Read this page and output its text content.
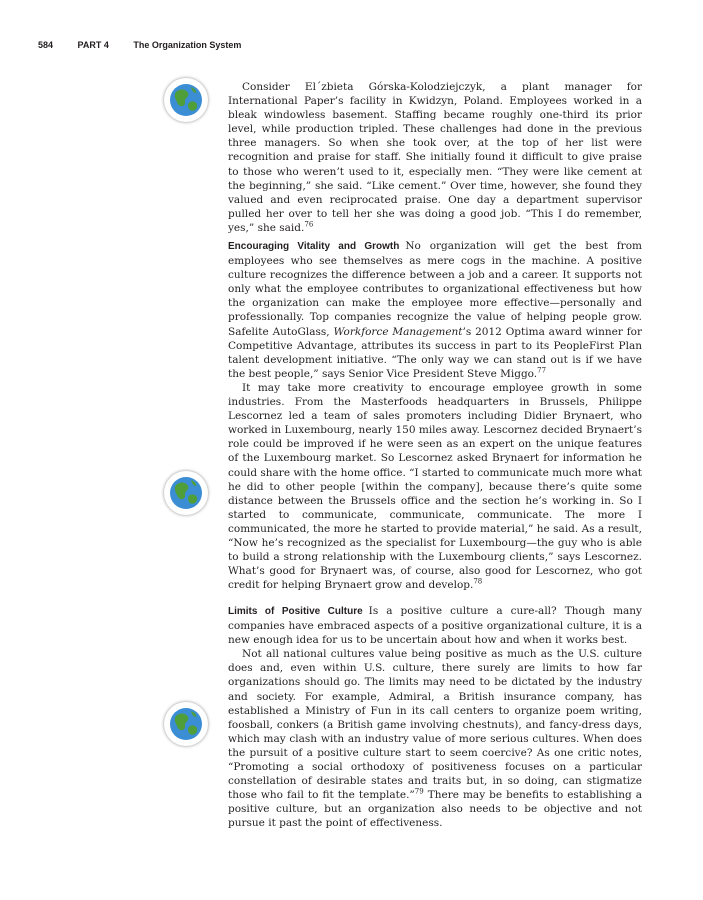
584	PART 4	The Organization System

Consider El´zbieta Górska-Kolodziejczyk, a plant manager for International Paper’s facility in Kwidzyn, Poland. Employees worked in a bleak windowless basement. Staffing became roughly one-third its prior level, while production tripled. These challenges had done in the previous three managers. So when she took over, at the top of her list were recognition and praise for staff. She initially found it difficult to give praise to those who weren’t used to it, especially men. “They were like cement at the beginning,” she said. “Like cement.” Over time, however, she found they valued and even reciprocated praise. One day a department supervisor pulled her over to tell her she was doing a good job. “This I do remember, yes,” she said.$^{76}$

Encouraging Vitality and Growth No organization will get the best from employees who see themselves as mere cogs in the machine. A positive culture recognizes the difference between a job and a career. It supports not only what the employee contributes to organizational effectiveness but how the organization can make the employee more effective—personally and professionally. Top companies recognize the value of helping people grow. Safelite AutoGlass, Workforce Management’s 2012 Optima award winner for Competitive Advantage, attributes its success in part to its PeopleFirst Plan talent development initiative. “The only way we can stand out is if we have the best people,” says Senior Vice President Steve Miggo.$^{77}$

It may take more creativity to encourage employee growth in some industries. From the Masterfoods headquarters in Brussels, Philippe Lescornez led a team of sales promoters including Didier Brynaert, who worked in Luxembourg, nearly 150 miles away. Lescornez decided Brynaert’s role could be improved if he were seen as an expert on the unique features of the Luxembourg market. So Lescornez asked Brynaert for information he could share with the home office. “I started to communicate much more what he did to other people [within the company], because there’s quite some distance between the Brussels office and the section he’s working in. So I started to communicate, communicate, communicate. The more I communicated, the more he started to provide material,” he said. As a result, “Now he’s recognized as the specialist for Luxembourg—the guy who is able to build a strong relationship with the Luxembourg clients,” says Lescornez. What’s good for Brynaert was, of course, also good for Lescornez, who got credit for helping Brynaert grow and develop.$^{78}$

Limits of Positive Culture Is a positive culture a cure-all? Though many companies have embraced aspects of a positive organizational culture, it is a new enough idea for us to be uncertain about how and when it works best.

Not all national cultures value being positive as much as the U.S. culture does and, even within U.S. culture, there surely are limits to how far organizations should go. The limits may need to be dictated by the industry and society. For example, Admiral, a British insurance company, has established a Ministry of Fun in its call centers to organize poem writing, foosball, conkers (a British game involving chestnuts), and fancy-dress days, which may clash with an industry value of more serious cultures. When does the pursuit of a positive culture start to seem coercive? As one critic notes, “Promoting a social orthodoxy of positiveness focuses on a particular constellation of desirable states and traits but, in so doing, can stigmatize those who fail to fit the template.”$^{79}$ There may be benefits to establishing a positive culture, but an organization also needs to be objective and not pursue it past the point of effectiveness.
